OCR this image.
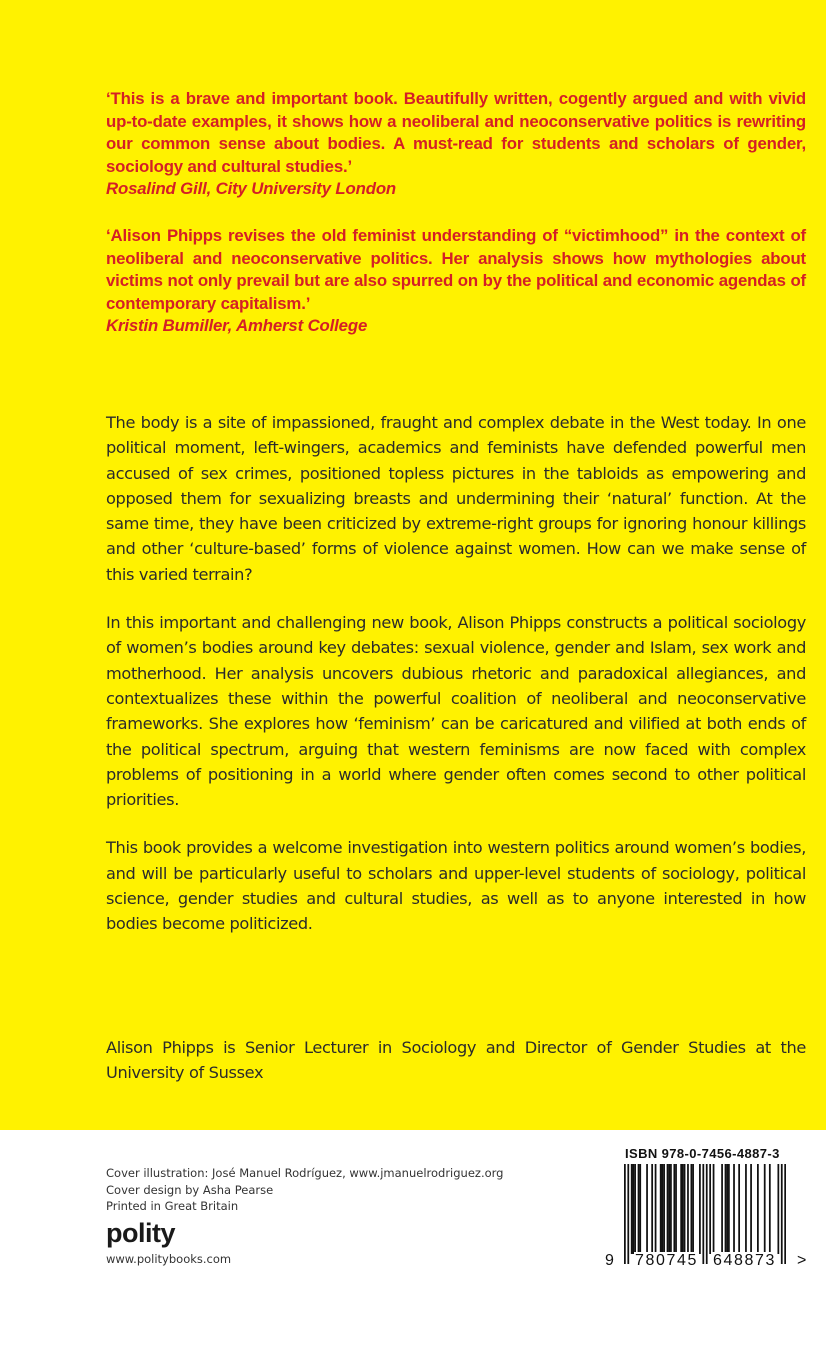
‘This is a brave and important book. Beautifully written, cogently argued and with vivid up-to-date examples, it shows how a neoliberal and neoconservative politics is rewriting our common sense about bodies. A must-read for students and scholars of gender, sociology and cultural studies.’
Rosalind Gill, City University London

‘Alison Phipps revises the old feminist understanding of “victimhood” in the context of neoliberal and neoconservative politics. Her analysis shows how mythologies about victims not only prevail but are also spurred on by the political and economic agendas of contemporary capitalism.’
Kristin Bumiller, Amherst College

The body is a site of impassioned, fraught and complex debate in the West today. In one political moment, left-wingers, academics and feminists have defended powerful men accused of sex crimes, positioned topless pictures in the tabloids as empowering and opposed them for sexualizing breasts and undermining their ‘natural’ function. At the same time, they have been criticized by extreme-right groups for ignoring honour killings and other ‘culture-based’ forms of violence against women. How can we make sense of this varied terrain?

In this important and challenging new book, Alison Phipps constructs a political sociology of women’s bodies around key debates: sexual violence, gender and Islam, sex work and motherhood. Her analysis uncovers dubious rhetoric and paradoxical allegiances, and contextualizes these within the powerful coalition of neoliberal and neoconservative frameworks. She explores how ‘feminism’ can be caricatured and vilified at both ends of the political spectrum, arguing that western feminisms are now faced with complex problems of positioning in a world where gender often comes second to other political priorities.

This book provides a welcome investigation into western politics around women’s bodies, and will be particularly useful to scholars and upper-level students of sociology, political science, gender studies and cultural studies, as well as to anyone interested in how bodies become politicized.

Alison Phipps is Senior Lecturer in Sociology and Director of Gender Studies at the University of Sussex
Cover illustration: José Manuel Rodríguez, www.jmanuelrodriguez.org
Cover design by Asha Pearse
Printed in Great Britain
polity
www.politybooks.com
ISBN 978-0-7456-4887-3
9 780745 648873 >
